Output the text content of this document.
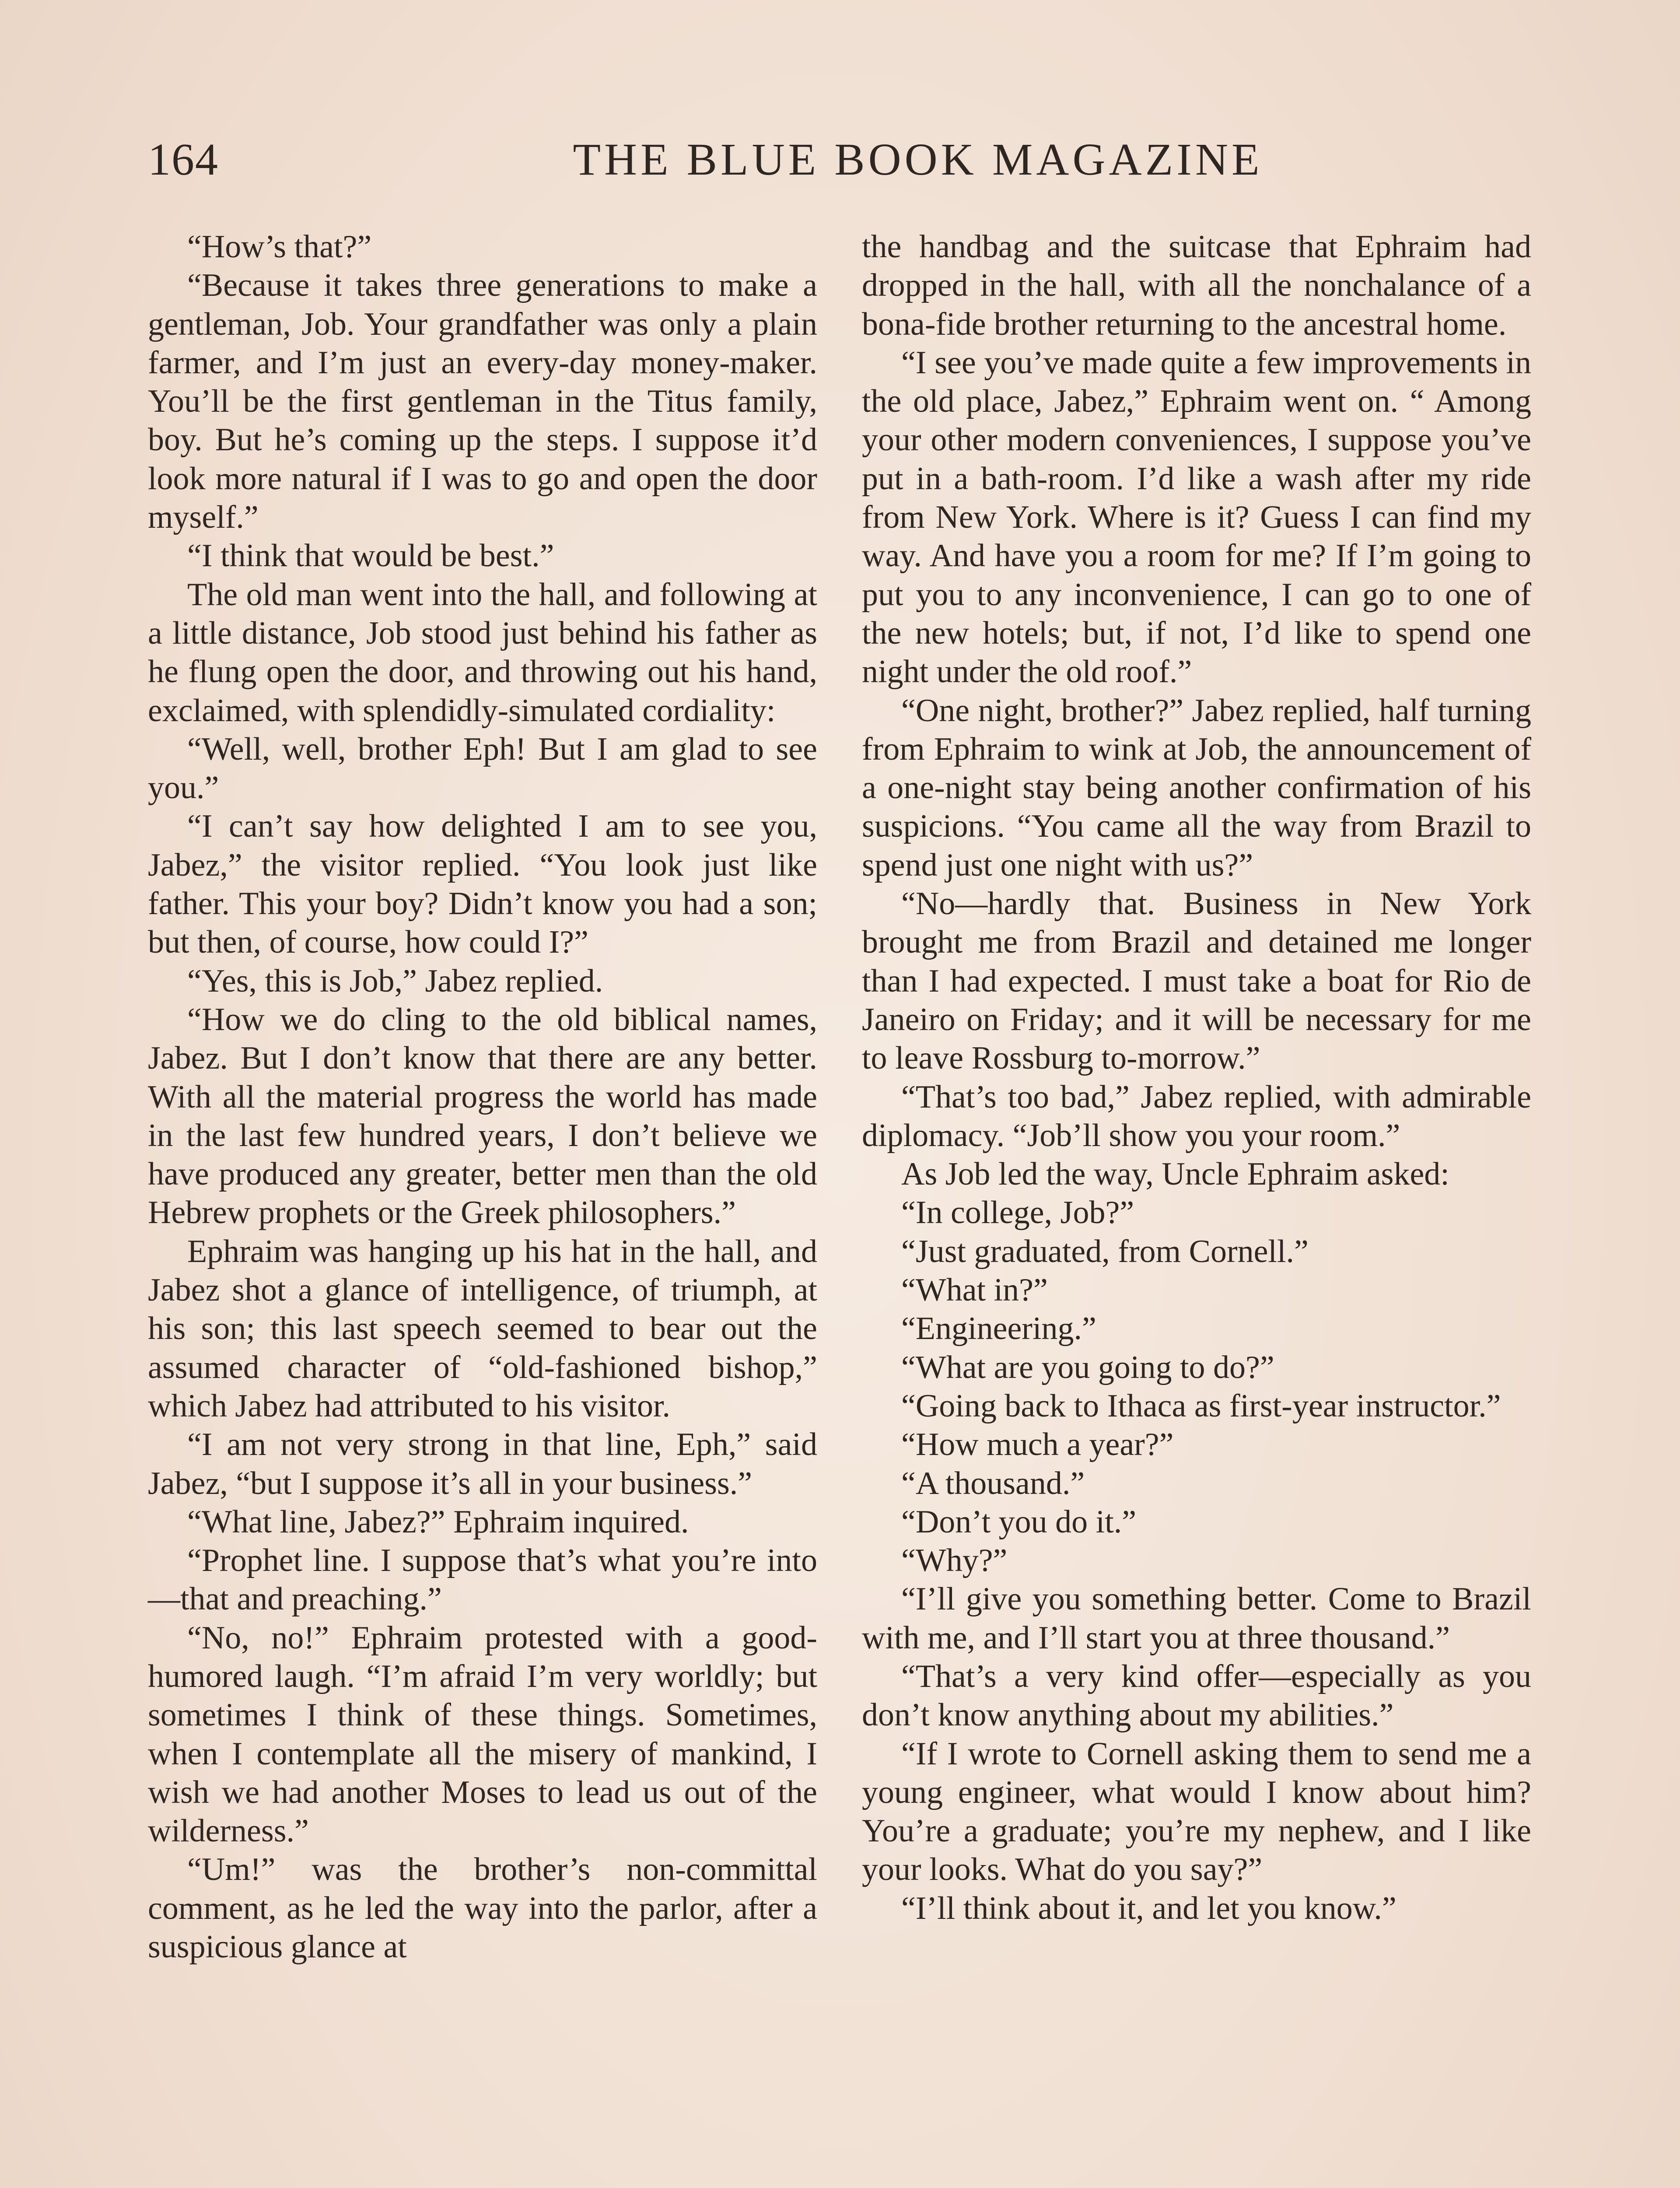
164	THE BLUE BOOK MAGAZINE

“How’s that?”

“Because it takes three generations to make a gentleman, Job. Your grandfather was only a plain farmer, and I’m just an every-day money-maker. You’ll be the first gentleman in the Titus family, boy. But he’s coming up the steps. I suppose it’d look more natural if I was to go and open the door myself.”

“I think that would be best.”

The old man went into the hall, and following at a little distance, Job stood just behind his father as he flung open the door, and throwing out his hand, exclaimed, with splendidly-simulated cordiality:

“Well, well, brother Eph! But I am glad to see you.”

“I can’t say how delighted I am to see you, Jabez,” the visitor replied. “You look just like father. This your boy? Didn’t know you had a son; but then, of course, how could I?”

“Yes, this is Job,” Jabez replied.

“How we do cling to the old biblical names, Jabez. But I don’t know that there are any better. With all the material progress the world has made in the last few hundred years, I don’t believe we have produced any greater, better men than the old Hebrew prophets or the Greek philosophers.”

Ephraim was hanging up his hat in the hall, and Jabez shot a glance of intelligence, of triumph, at his son; this last speech seemed to bear out the assumed character of “old-fashioned bishop,” which Jabez had attributed to his visitor.

“I am not very strong in that line, Eph,” said Jabez, “but I suppose it’s all in your business.”

“What line, Jabez?” Ephraim inquired.

“Prophet line. I suppose that’s what you’re into—that and preaching.”

“No, no!” Ephraim protested with a good-humored laugh. “I’m afraid I’m very worldly; but sometimes I think of these things. Sometimes, when I contemplate all the misery of mankind, I wish we had another Moses to lead us out of the wilderness.”

“Um!” was the brother’s non-committal comment, as he led the way into the parlor, after a suspicious glance at

the handbag and the suitcase that Ephraim had dropped in the hall, with all the nonchalance of a bona-fide brother returning to the ancestral home.

“I see you’ve made quite a few improvements in the old place, Jabez,” Ephraim went on. “ Among your other modern conveniences, I suppose you’ve put in a bath-room. I’d like a wash after my ride from New York. Where is it? Guess I can find my way. And have you a room for me? If I’m going to put you to any inconvenience, I can go to one of the new hotels; but, if not, I’d like to spend one night under the old roof.”

“One night, brother?” Jabez replied, half turning from Ephraim to wink at Job, the announcement of a one-night stay being another confirmation of his suspicions. “You came all the way from Brazil to spend just one night with us?”

“No—hardly that. Business in New York brought me from Brazil and detained me longer than I had expected. I must take a boat for Rio de Janeiro on Friday; and it will be necessary for me to leave Rossburg to-morrow.”

“That’s too bad,” Jabez replied, with admirable diplomacy. “Job’ll show you your room.”

As Job led the way, Uncle Ephraim asked:

“In college, Job?”

“Just graduated, from Cornell.”

“What in?”

“Engineering.”

“What are you going to do?”

“Going back to Ithaca as first-year instructor.”

“How much a year?”

“A thousand.”

“Don’t you do it.”

“Why?”

“I’ll give you something better. Come to Brazil with me, and I’ll start you at three thousand.”

“That’s a very kind offer—especially as you don’t know anything about my abilities.”

“If I wrote to Cornell asking them to send me a young engineer, what would I know about him? You’re a graduate; you’re my nephew, and I like your looks. What do you say?”

“I’ll think about it, and let you know.”
